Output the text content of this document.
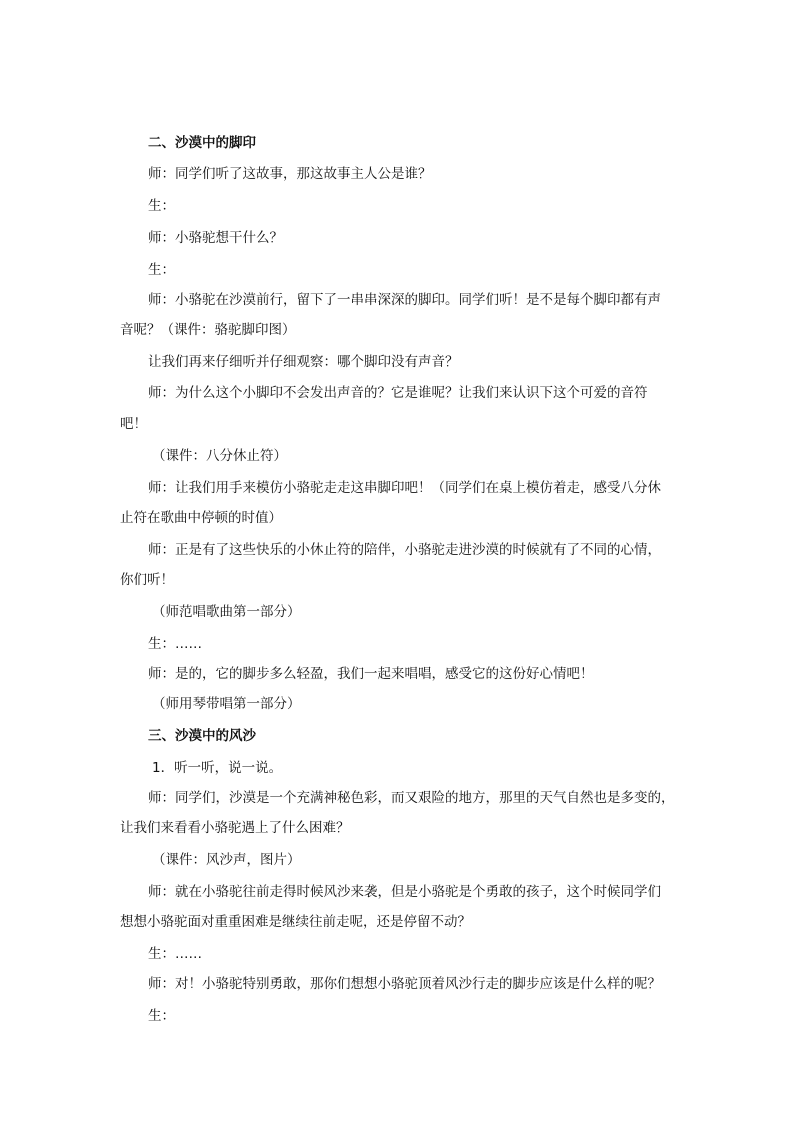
二、沙漠中的脚印
师：同学们听了这故事，那这故事主人公是谁？
生：
师：小骆驼想干什么？
生：
师：小骆驼在沙漠前行，留下了一串串深深的脚印。同学们听！是不是每个脚印都有声
音呢？（课件：骆驼脚印图）
让我们再来仔细听并仔细观察：哪个脚印没有声音？
师：为什么这个小脚印不会发出声音的？它是谁呢？让我们来认识下这个可爱的音符
吧！
（课件：八分休止符）
师：让我们用手来模仿小骆驼走走这串脚印吧！（同学们在桌上模仿着走，感受八分休
止符在歌曲中停顿的时值）
师：正是有了这些快乐的小休止符的陪伴，小骆驼走进沙漠的时候就有了不同的心情，
你们听！
（师范唱歌曲第一部分）
生：……
师：是的，它的脚步多么轻盈，我们一起来唱唱，感受它的这份好心情吧！
（师用琴带唱第一部分）
三、沙漠中的风沙
1．听一听，说一说。
师：同学们，沙漠是一个充满神秘色彩，而又艰险的地方，那里的天气自然也是多变的，
让我们来看看小骆驼遇上了什么困难？
（课件：风沙声，图片）
师：就在小骆驼往前走得时候风沙来袭，但是小骆驼是个勇敢的孩子，这个时候同学们
想想小骆驼面对重重困难是继续往前走呢，还是停留不动？
生：……
师：对！小骆驼特别勇敢，那你们想想小骆驼顶着风沙行走的脚步应该是什么样的呢？
生：
